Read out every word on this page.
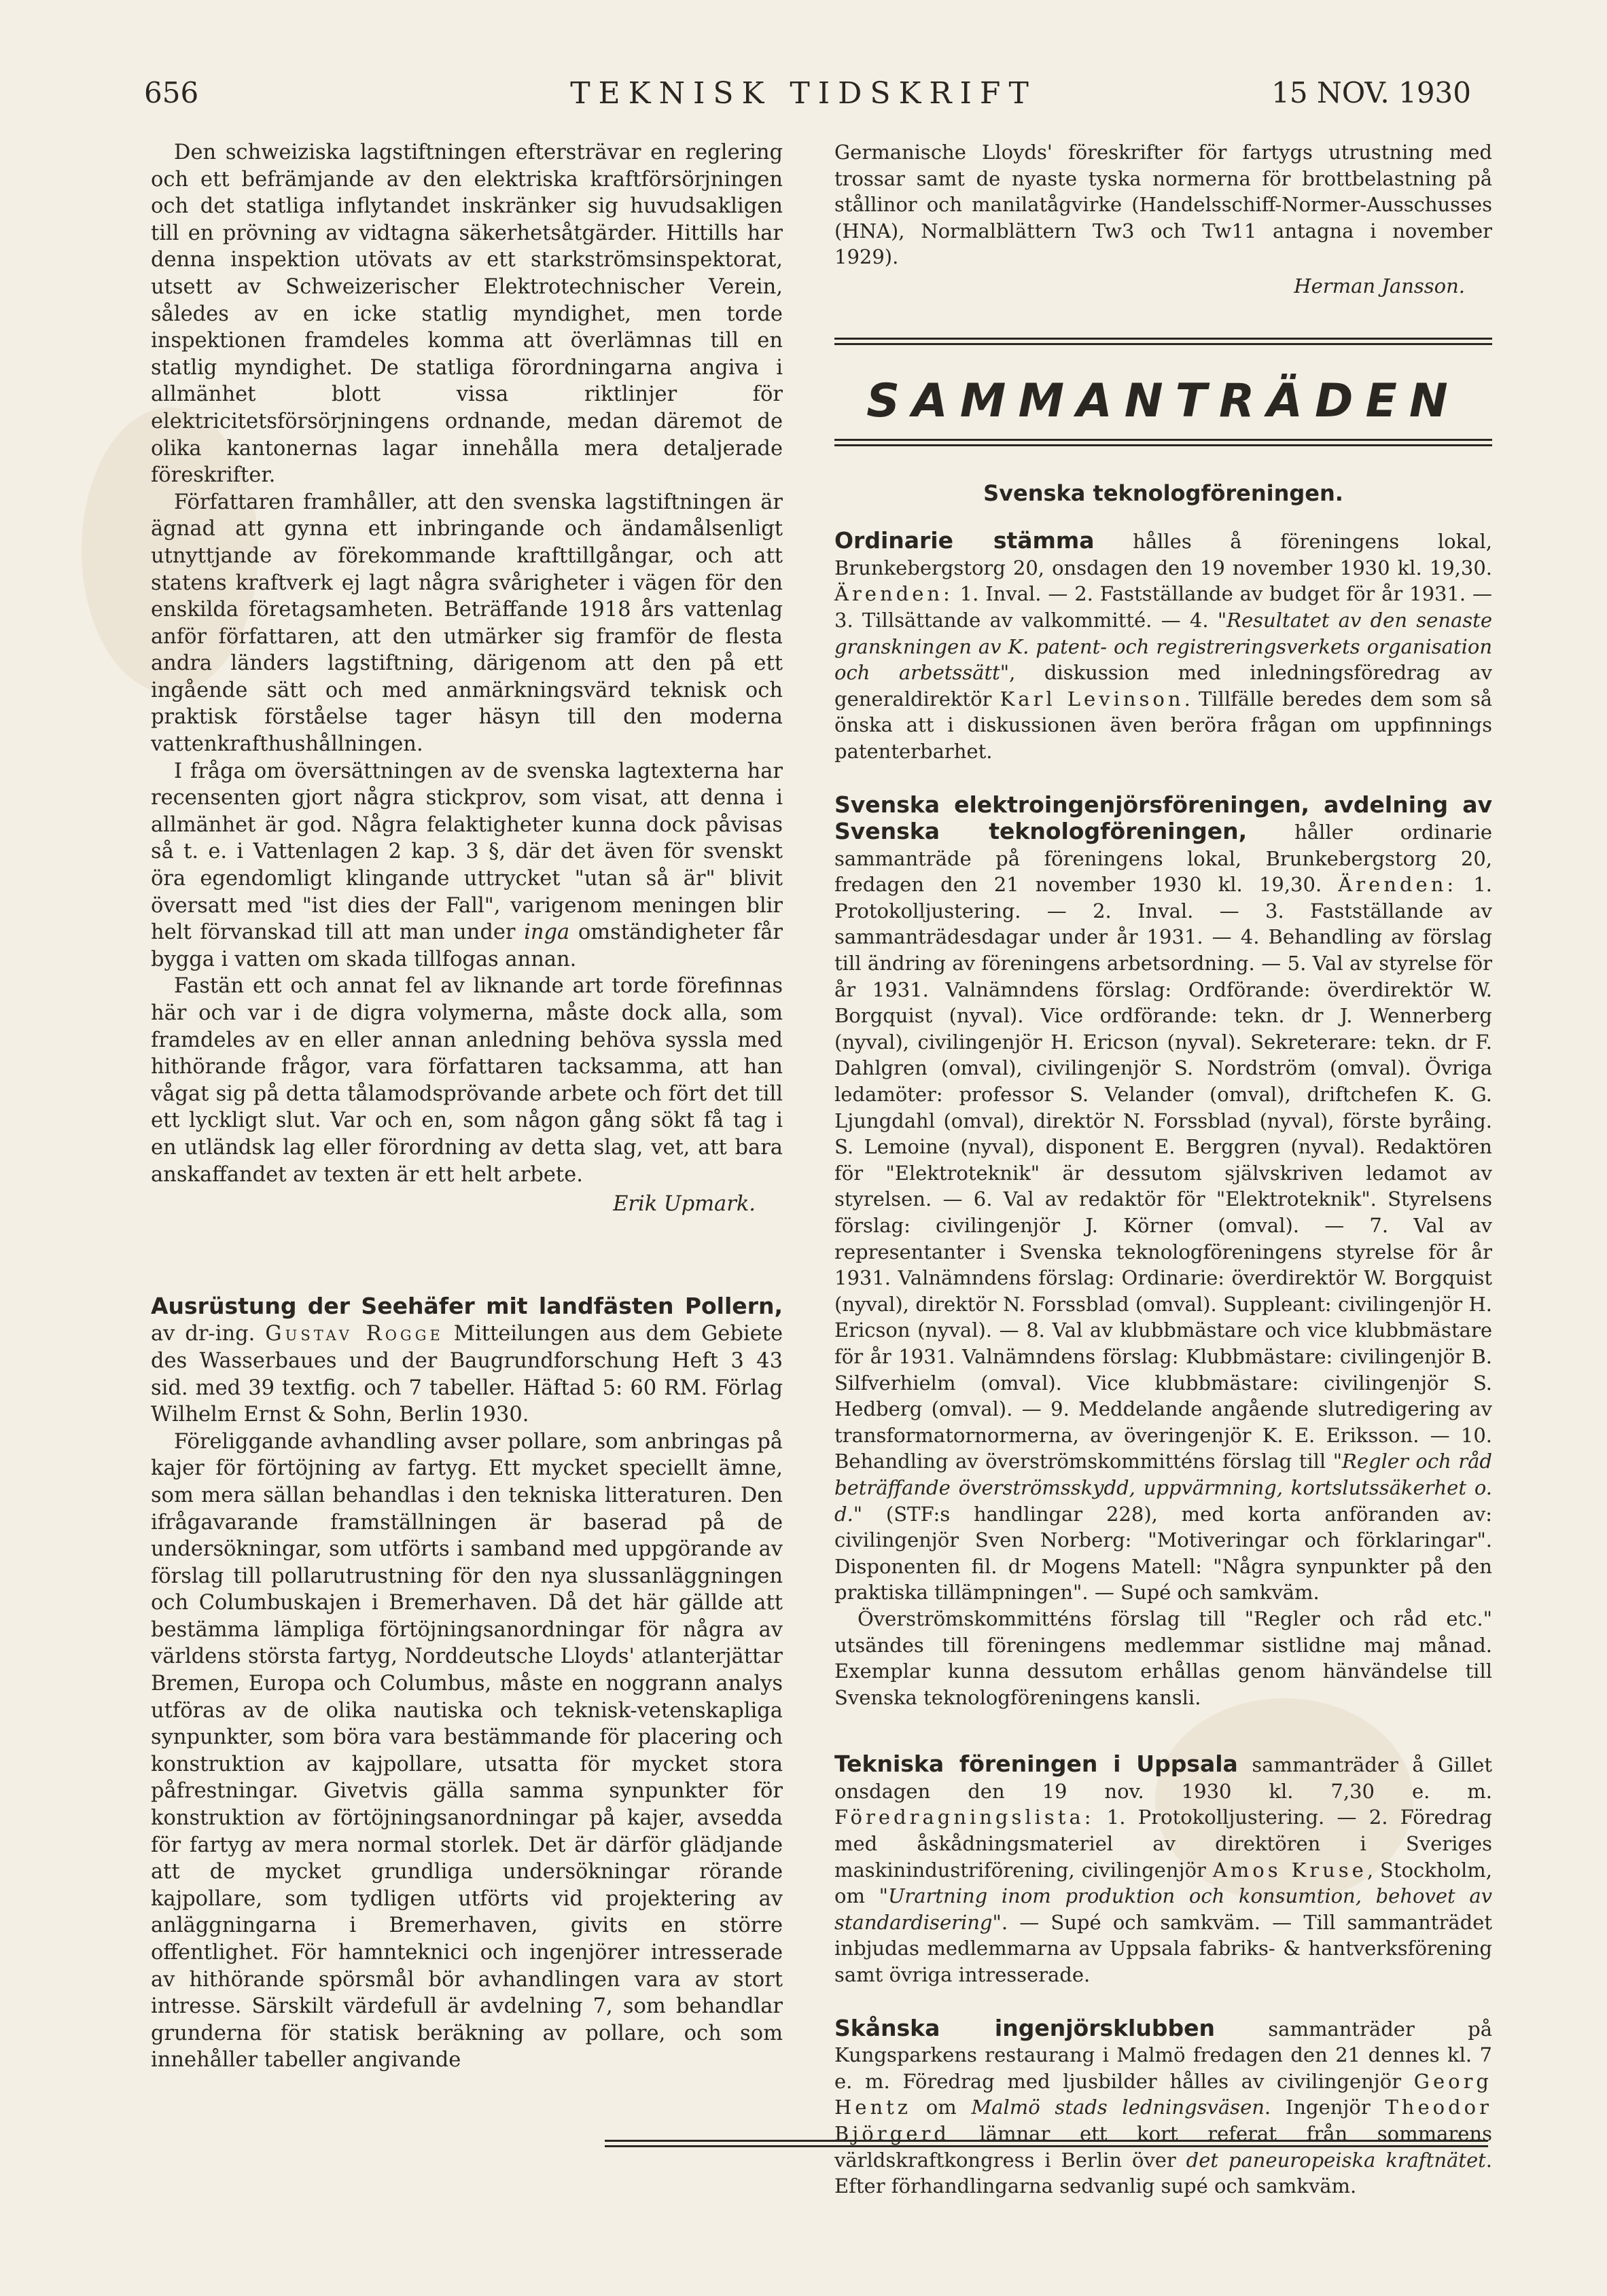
656	TEKNISK TIDSKRIFT	15 NOV. 1930

Den schweiziska lagstiftningen eftersträvar en reglering och ett befrämjande av den elektriska kraftförsörjningen och det statliga inflytandet inskränker sig huvudsakligen till en prövning av vidtagna säkerhetsåtgärder. Hittills har denna inspektion utövats av ett starkströmsinspektorat, utsett av Schweizerischer Elektrotechnischer Verein, således av en icke statlig myndighet, men torde inspektionen framdeles komma att överlämnas till en statlig myndighet. De statliga förordningarna angiva i allmänhet blott vissa riktlinjer för elektricitetsförsörjningens ordnande, medan däremot de olika kantonernas lagar innehålla mera detaljerade föreskrifter.

Författaren framhåller, att den svenska lagstiftningen är ägnad att gynna ett inbringande och ändamålsenligt utnyttjande av förekommande krafttillgångar, och att statens kraftverk ej lagt några svårigheter i vägen för den enskilda företagsamheten. Beträffande 1918 års vattenlag anför författaren, att den utmärker sig framför de flesta andra länders lagstiftning, därigenom att den på ett ingående sätt och med anmärkningsvärd teknisk och praktisk förståelse tager häsyn till den moderna vattenkrafthushållningen.

I fråga om översättningen av de svenska lagtexterna har recensenten gjort några stickprov, som visat, att denna i allmänhet är god. Några felaktigheter kunna dock påvisas så t. e. i Vattenlagen 2 kap. 3 §, där det även för svenskt öra egendomligt klingande uttrycket "utan så är" blivit översatt med "ist dies der Fall", varigenom meningen blir helt förvanskad till att man under inga omständigheter får bygga i vatten om skada tillfogas annan.

Fastän ett och annat fel av liknande art torde förefinnas här och var i de digra volymerna, måste dock alla, som framdeles av en eller annan anledning behöva syssla med hithörande frågor, vara författaren tacksamma, att han vågat sig på detta tålamodsprövande arbete och fört det till ett lyckligt slut. Var och en, som någon gång sökt få tag i en utländsk lag eller förordning av detta slag, vet, att bara anskaffandet av texten är ett helt arbete.

Erik Upmark.

Ausrüstung der Seehäfer mit landfästen Pollern, av dr-ing. Gustav Rogge Mitteilungen aus dem Gebiete des Wasserbaues und der Baugrundforschung Heft 3 43 sid. med 39 textfig. och 7 tabeller. Häftad 5: 60 RM. Förlag Wilhelm Ernst & Sohn, Berlin 1930.

Föreliggande avhandling avser pollare, som anbringas på kajer för förtöjning av fartyg. Ett mycket speciellt ämne, som mera sällan behandlas i den tekniska litteraturen. Den ifrågavarande framställningen är baserad på de undersökningar, som utförts i samband med uppgörande av förslag till pollarutrustning för den nya slussanläggningen och Columbuskajen i Bremerhaven. Då det här gällde att bestämma lämpliga förtöjningsanordningar för några av världens största fartyg, Norddeutsche Lloyds' atlanterjättar Bremen, Europa och Columbus, måste en noggrann analys utföras av de olika nautiska och teknisk-vetenskapliga synpunkter, som böra vara bestämmande för placering och konstruktion av kajpollare, utsatta för mycket stora påfrestningar. Givetvis gälla samma synpunkter för konstruktion av förtöjningsanordningar på kajer, avsedda för fartyg av mera normal storlek. Det är därför glädjande att de mycket grundliga undersökningar rörande kajpollare, som tydligen utförts vid projektering av anläggningarna i Bremerhaven, givits en större offentlighet. För hamnteknici och ingenjörer intresserade av hithörande spörsmål bör avhandlingen vara av stort intresse. Särskilt värdefull är avdelning 7, som behandlar grunderna för statisk beräkning av pollare, och som innehåller tabeller angivande

Germanische Lloyds' föreskrifter för fartygs utrustning med trossar samt de nyaste tyska normerna för brottbelastning på stållinor och manilatågvirke (Handelsschiff-Normer-Ausschusses (HNA), Normalblättern Tw3 och Tw11 antagna i november 1929).

Herman Jansson.

SAMMANTRÄDEN
Svenska teknologföreningen.

Ordinarie stämma hålles å föreningens lokal, Brunkebergstorg 20, onsdagen den 19 november 1930 kl. 19,30. Ärenden: 1. Inval. — 2. Fastställande av budget för år 1931. — 3. Tillsättande av valkommitté. — 4. "Resultatet av den senaste granskningen av K. patent- och registreringsverkets organisation och arbetssätt", diskussion med inledningsföredrag av generaldirektör Karl Levinson. Tillfälle beredes dem som så önska att i diskussionen även beröra frågan om uppfinnings patenterbarhet.

Svenska elektroingenjörsföreningen, avdelning av Svenska teknologföreningen, håller ordinarie sammanträde på föreningens lokal, Brunkebergstorg 20, fredagen den 21 november 1930 kl. 19,30. Ärenden: 1. Protokolljustering. — 2. Inval. — 3. Fastställande av sammanträdesdagar under år 1931. — 4. Behandling av förslag till ändring av föreningens arbetsordning. — 5. Val av styrelse för år 1931. Valnämndens förslag: Ordförande: överdirektör W. Borgquist (nyval). Vice ordförande: tekn. dr J. Wennerberg (nyval), civilingenjör H. Ericson (nyval). Sekreterare: tekn. dr F. Dahlgren (omval), civilingenjör S. Nordström (omval). Övriga ledamöter: professor S. Velander (omval), driftchefen K. G. Ljungdahl (omval), direktör N. Forssblad (nyval), förste byråing. S. Lemoine (nyval), disponent E. Berggren (nyval). Redaktören för "Elektroteknik" är dessutom självskriven ledamot av styrelsen. — 6. Val av redaktör för "Elektroteknik". Styrelsens förslag: civilingenjör J. Körner (omval). — 7. Val av representanter i Svenska teknologföreningens styrelse för år 1931. Valnämndens förslag: Ordinarie: överdirektör W. Borgquist (nyval), direktör N. Forssblad (omval). Suppleant: civilingenjör H. Ericson (nyval). — 8. Val av klubbmästare och vice klubbmästare för år 1931. Valnämndens förslag: Klubbmästare: civilingenjör B. Silfverhielm (omval). Vice klubbmästare: civilingenjör S. Hedberg (omval). — 9. Meddelande angående slutredigering av transformatornormerna, av överingenjör K. E. Eriksson. — 10. Behandling av överströmskommitténs förslag till "Regler och råd beträffande överströmsskydd, uppvärmning, kortslutssäkerhet o. d." (STF:s handlingar 228), med korta anföranden av: civilingenjör Sven Norberg: "Motiveringar och förklaringar". Disponenten fil. dr Mogens Matell: "Några synpunkter på den praktiska tillämpningen". — Supé och samkväm.

Överströmskommitténs förslag till "Regler och råd etc." utsändes till föreningens medlemmar sistlidne maj månad. Exemplar kunna dessutom erhållas genom hänvändelse till Svenska teknologföreningens kansli.

Tekniska föreningen i Uppsala sammanträder å Gillet onsdagen den 19 nov. 1930 kl. 7,30 e. m. Föredragningslista: 1. Protokolljustering. — 2. Föredrag med åskådningsmateriel av direktören i Sveriges maskinindustriförening, civilingenjör Amos Kruse, Stockholm, om "Urartning inom produktion och konsumtion, behovet av standardisering". — Supé och samkväm. — Till sammanträdet inbjudas medlemmarna av Uppsala fabriks- & hantverksförening samt övriga intresserade.

Skånska ingenjörsklubben sammanträder på Kungsparkens restaurang i Malmö fredagen den 21 dennes kl. 7 e. m. Föredrag med ljusbilder hålles av civilingenjör Georg Hentz om Malmö stads ledningsväsen. Ingenjör Theodor Björgerd lämnar ett kort referat från sommarens världskraftkongress i Berlin över det paneuropeiska kraftnätet. Efter förhandlingarna sedvanlig supé och samkväm.
